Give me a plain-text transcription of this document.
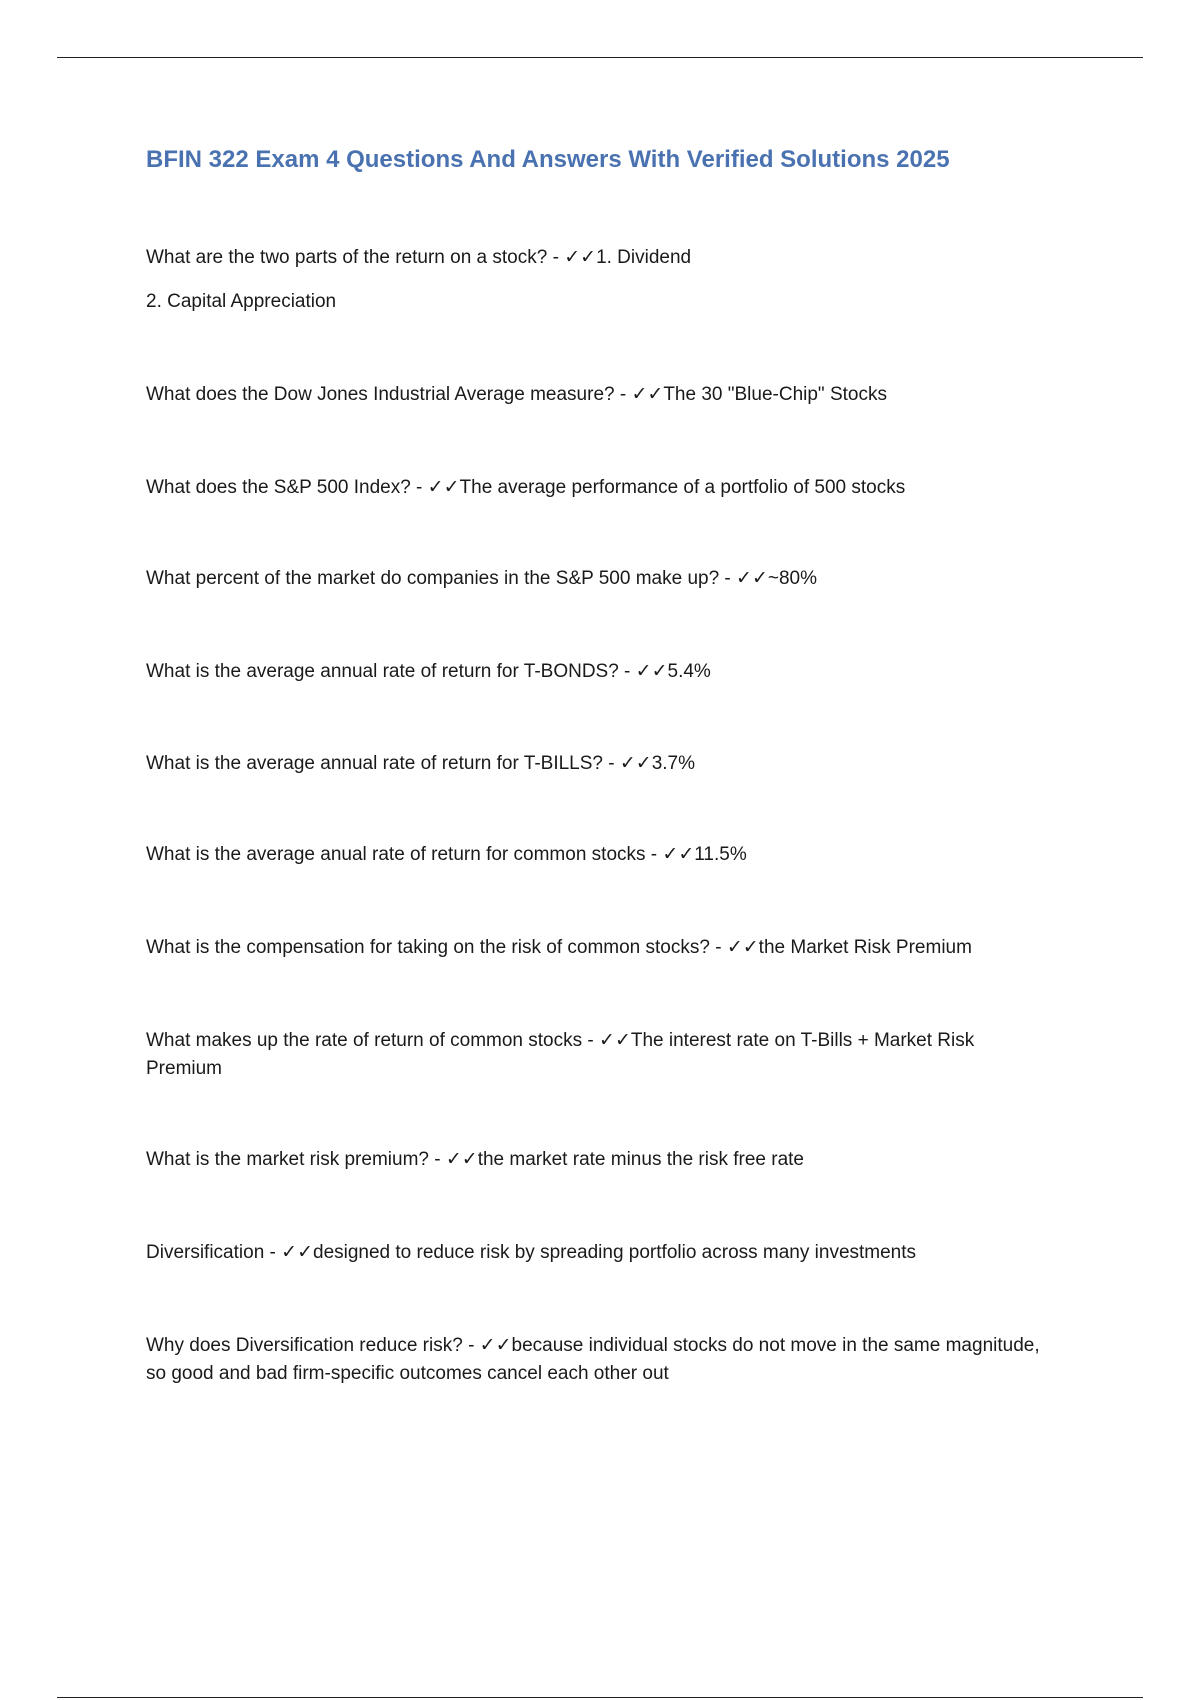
BFIN 322 Exam 4 Questions And Answers With Verified Solutions 2025

What are the two parts of the return on a stock? - ✓✓1. Dividend

2. Capital Appreciation

What does the Dow Jones Industrial Average measure? - ✓✓The 30 "Blue-Chip" Stocks

What does the S&P 500 Index? - ✓✓The average performance of a portfolio of 500 stocks

What percent of the market do companies in the S&P 500 make up? - ✓✓~80%

What is the average annual rate of return for T-BONDS? - ✓✓5.4%

What is the average annual rate of return for T-BILLS? - ✓✓3.7%

What is the average anual rate of return for common stocks - ✓✓11.5%

What is the compensation for taking on the risk of common stocks? - ✓✓the Market Risk Premium

What makes up the rate of return of common stocks - ✓✓The interest rate on T-Bills + Market Risk Premium

What is the market risk premium? - ✓✓the market rate minus the risk free rate

Diversification - ✓✓designed to reduce risk by spreading portfolio across many investments

Why does Diversification reduce risk? - ✓✓because individual stocks do not move in the same magnitude, so good and bad firm-specific outcomes cancel each other out
